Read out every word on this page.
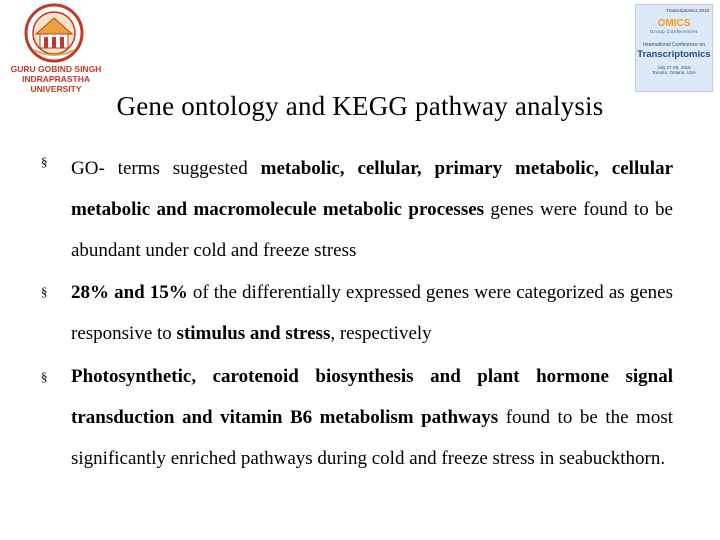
GURU GOBIND SINGH
INDRAPRASTHA
UNIVERSITY
Transcriptomics 2015
OMICS
Group Conferences
International Conference on
Transcriptomics
July 27-29, 2015
Toronto, Ontario, USA
Gene ontology and KEGG pathway analysis
§ GO- terms suggested metabolic, cellular, primary metabolic, cellular metabolic and macromolecule metabolic processes genes were found to be abundant under cold and freeze stress
§ 28% and 15% of the differentially expressed genes were categorized as genes responsive to stimulus and stress, respectively
§ Photosynthetic, carotenoid biosynthesis and plant hormone signal transduction and vitamin B6 metabolism pathways found to be the most significantly enriched pathways during cold and freeze stress in seabuckthorn.
